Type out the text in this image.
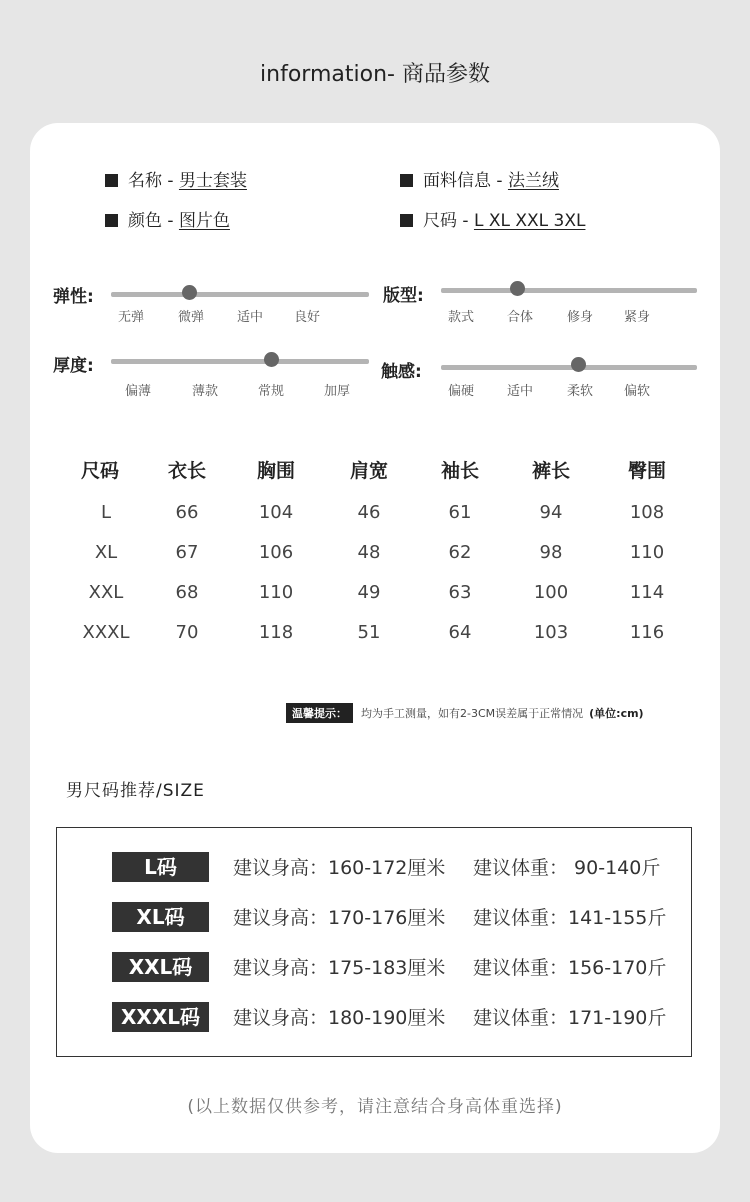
information- 商品参数
名称 - 男士套装	面料信息 - 法兰绒
颜色 - 图片色	尺码 - L XL XXL 3XL
弹性:
无弹	微弹	适中 良好
版型:
款式	合体	修身 紧身
厚度:
偏薄	薄款	常规	加厚
触感:
偏硬	适中	柔软 偏软
尺码	衣长	胸围	肩宽	袖长	裤长	臀围
L	66	104	46	61	94	108
XL	67	106	48	62	98	110
XXL	68	110	49	63	100	114
XXXL	70	118	51	64	103	116
温馨提示： 均为手工测量，如有2-3CM误差属于正常情况 (单位:cm)
男尺码推荐/SIZE
L码	建议身高：160-172厘米 建议体重： 90-140斤
XL码	建议身高：170-176厘米 建议体重：141-155斤
XXL码	建议身高：175-183厘米 建议体重：156-170斤
XXXL码	建议身高：180-190厘米 建议体重：171-190斤
(以上数据仅供参考，请注意结合身高体重选择)
